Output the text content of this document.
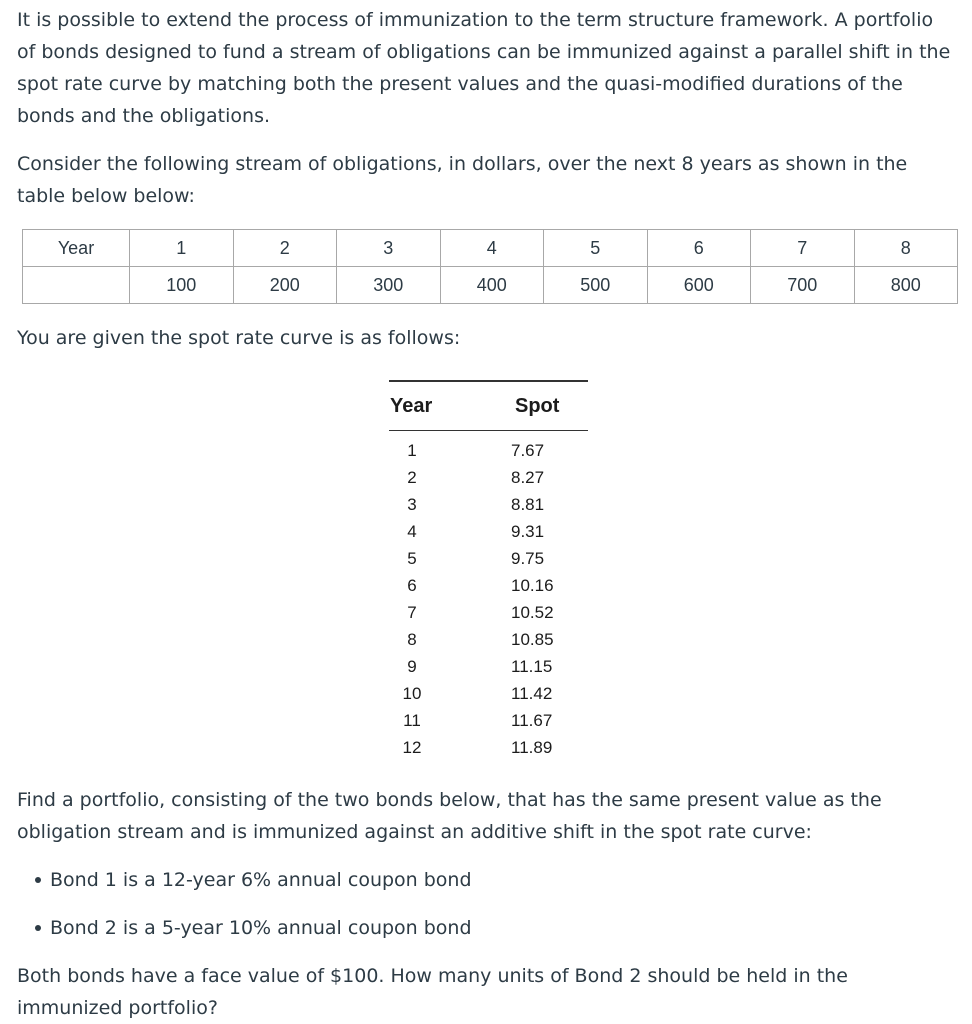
It is possible to extend the process of immunization to the term structure framework. A portfolio of bonds designed to fund a stream of obligations can be immunized against a parallel shift in the spot rate curve by matching both the present values and the quasi-modified durations of the bonds and the obligations.

Consider the following stream of obligations, in dollars, over the next 8 years as shown in the table below below:

Year	1	2	3	4	5	6	7	8
	100	200	300	400	500	600	700	800

You are given the spot rate curve is as follows:

Year	Spot
1	7.67
2	8.27
3	8.81
4	9.31
5	9.75
6	10.16
7	10.52
8	10.85
9	11.15
10	11.42
11	11.67
12	11.89

Find a portfolio, consisting of the two bonds below, that has the same present value as the obligation stream and is immunized against an additive shift in the spot rate curve:

Bond 1 is a 12-year 6% annual coupon bond
Bond 2 is a 5-year 10% annual coupon bond

Both bonds have a face value of $100. How many units of Bond 2 should be held in the immunized portfolio?
